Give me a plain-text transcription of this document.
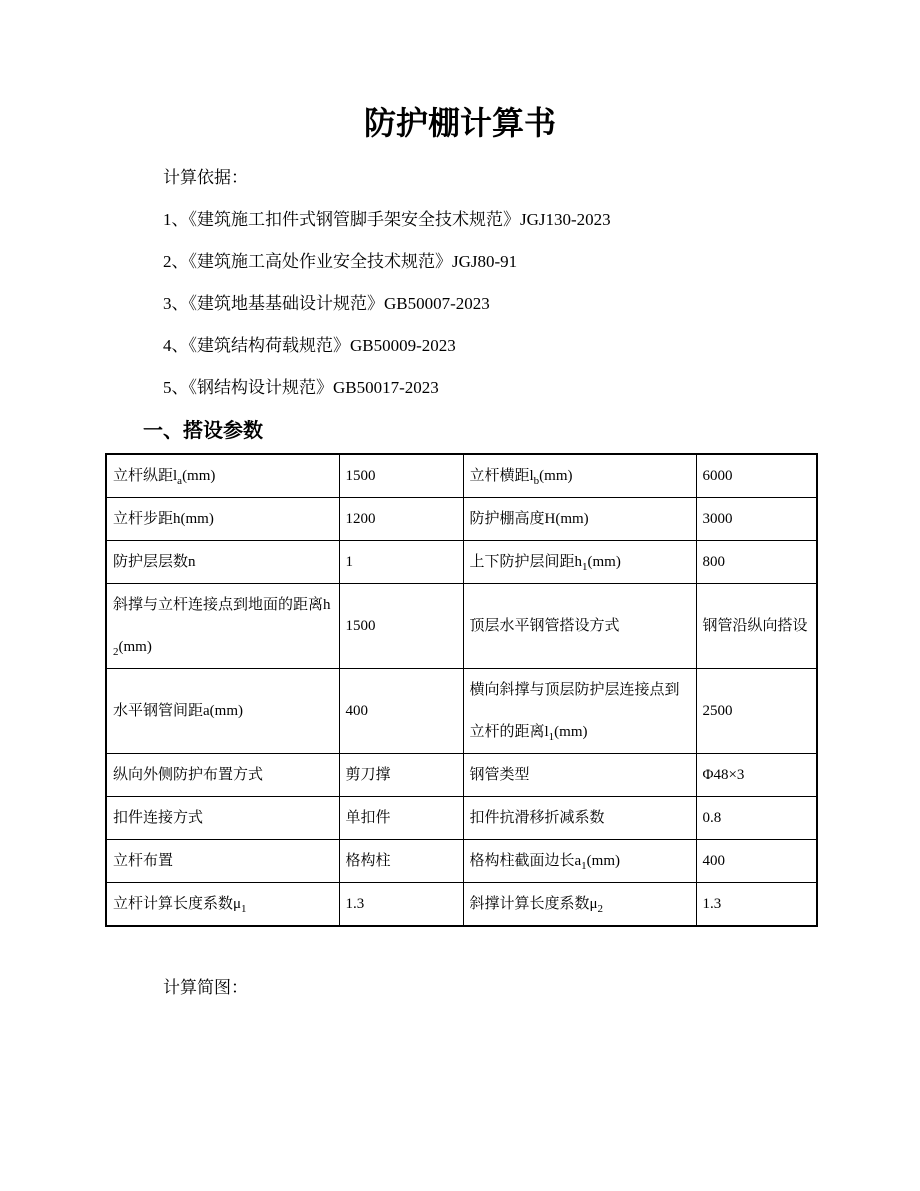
防护棚计算书

计算依据：

1、《建筑施工扣件式钢管脚手架安全技术规范》JGJ130-2023

2、《建筑施工高处作业安全技术规范》JGJ80-91

3、《建筑地基基础设计规范》GB50007-2023

4、《建筑结构荷载规范》GB50009-2023

5、《钢结构设计规范》GB50017-2023

一、搭设参数
立杆纵距$l_a(mm)$	1500	立杆横距$l_b(mm)$	6000
立杆步距h(mm)	1200	防护棚高度H(mm)	3000
防护层层数n	1	上下防护层间距$h_1(mm)$	800
斜撑与立杆连接点到地面的距离$h_2(mm)$	1500	顶层水平钢管搭设方式	钢管沿纵向搭设
水平钢管间距a(mm)	400	横向斜撑与顶层防护层连接点到立杆的距离$l_1(mm)$	2500
纵向外侧防护布置方式	剪刀撑	钢管类型	Φ48×3
扣件连接方式	单扣件	扣件抗滑移折减系数	0.8
立杆布置	格构柱	格构柱截面边长$a_1(mm)$	400
立杆计算长度系数$\mu_1$	1.3	斜撑计算长度系数$\mu_2$	1.3

计算简图：
